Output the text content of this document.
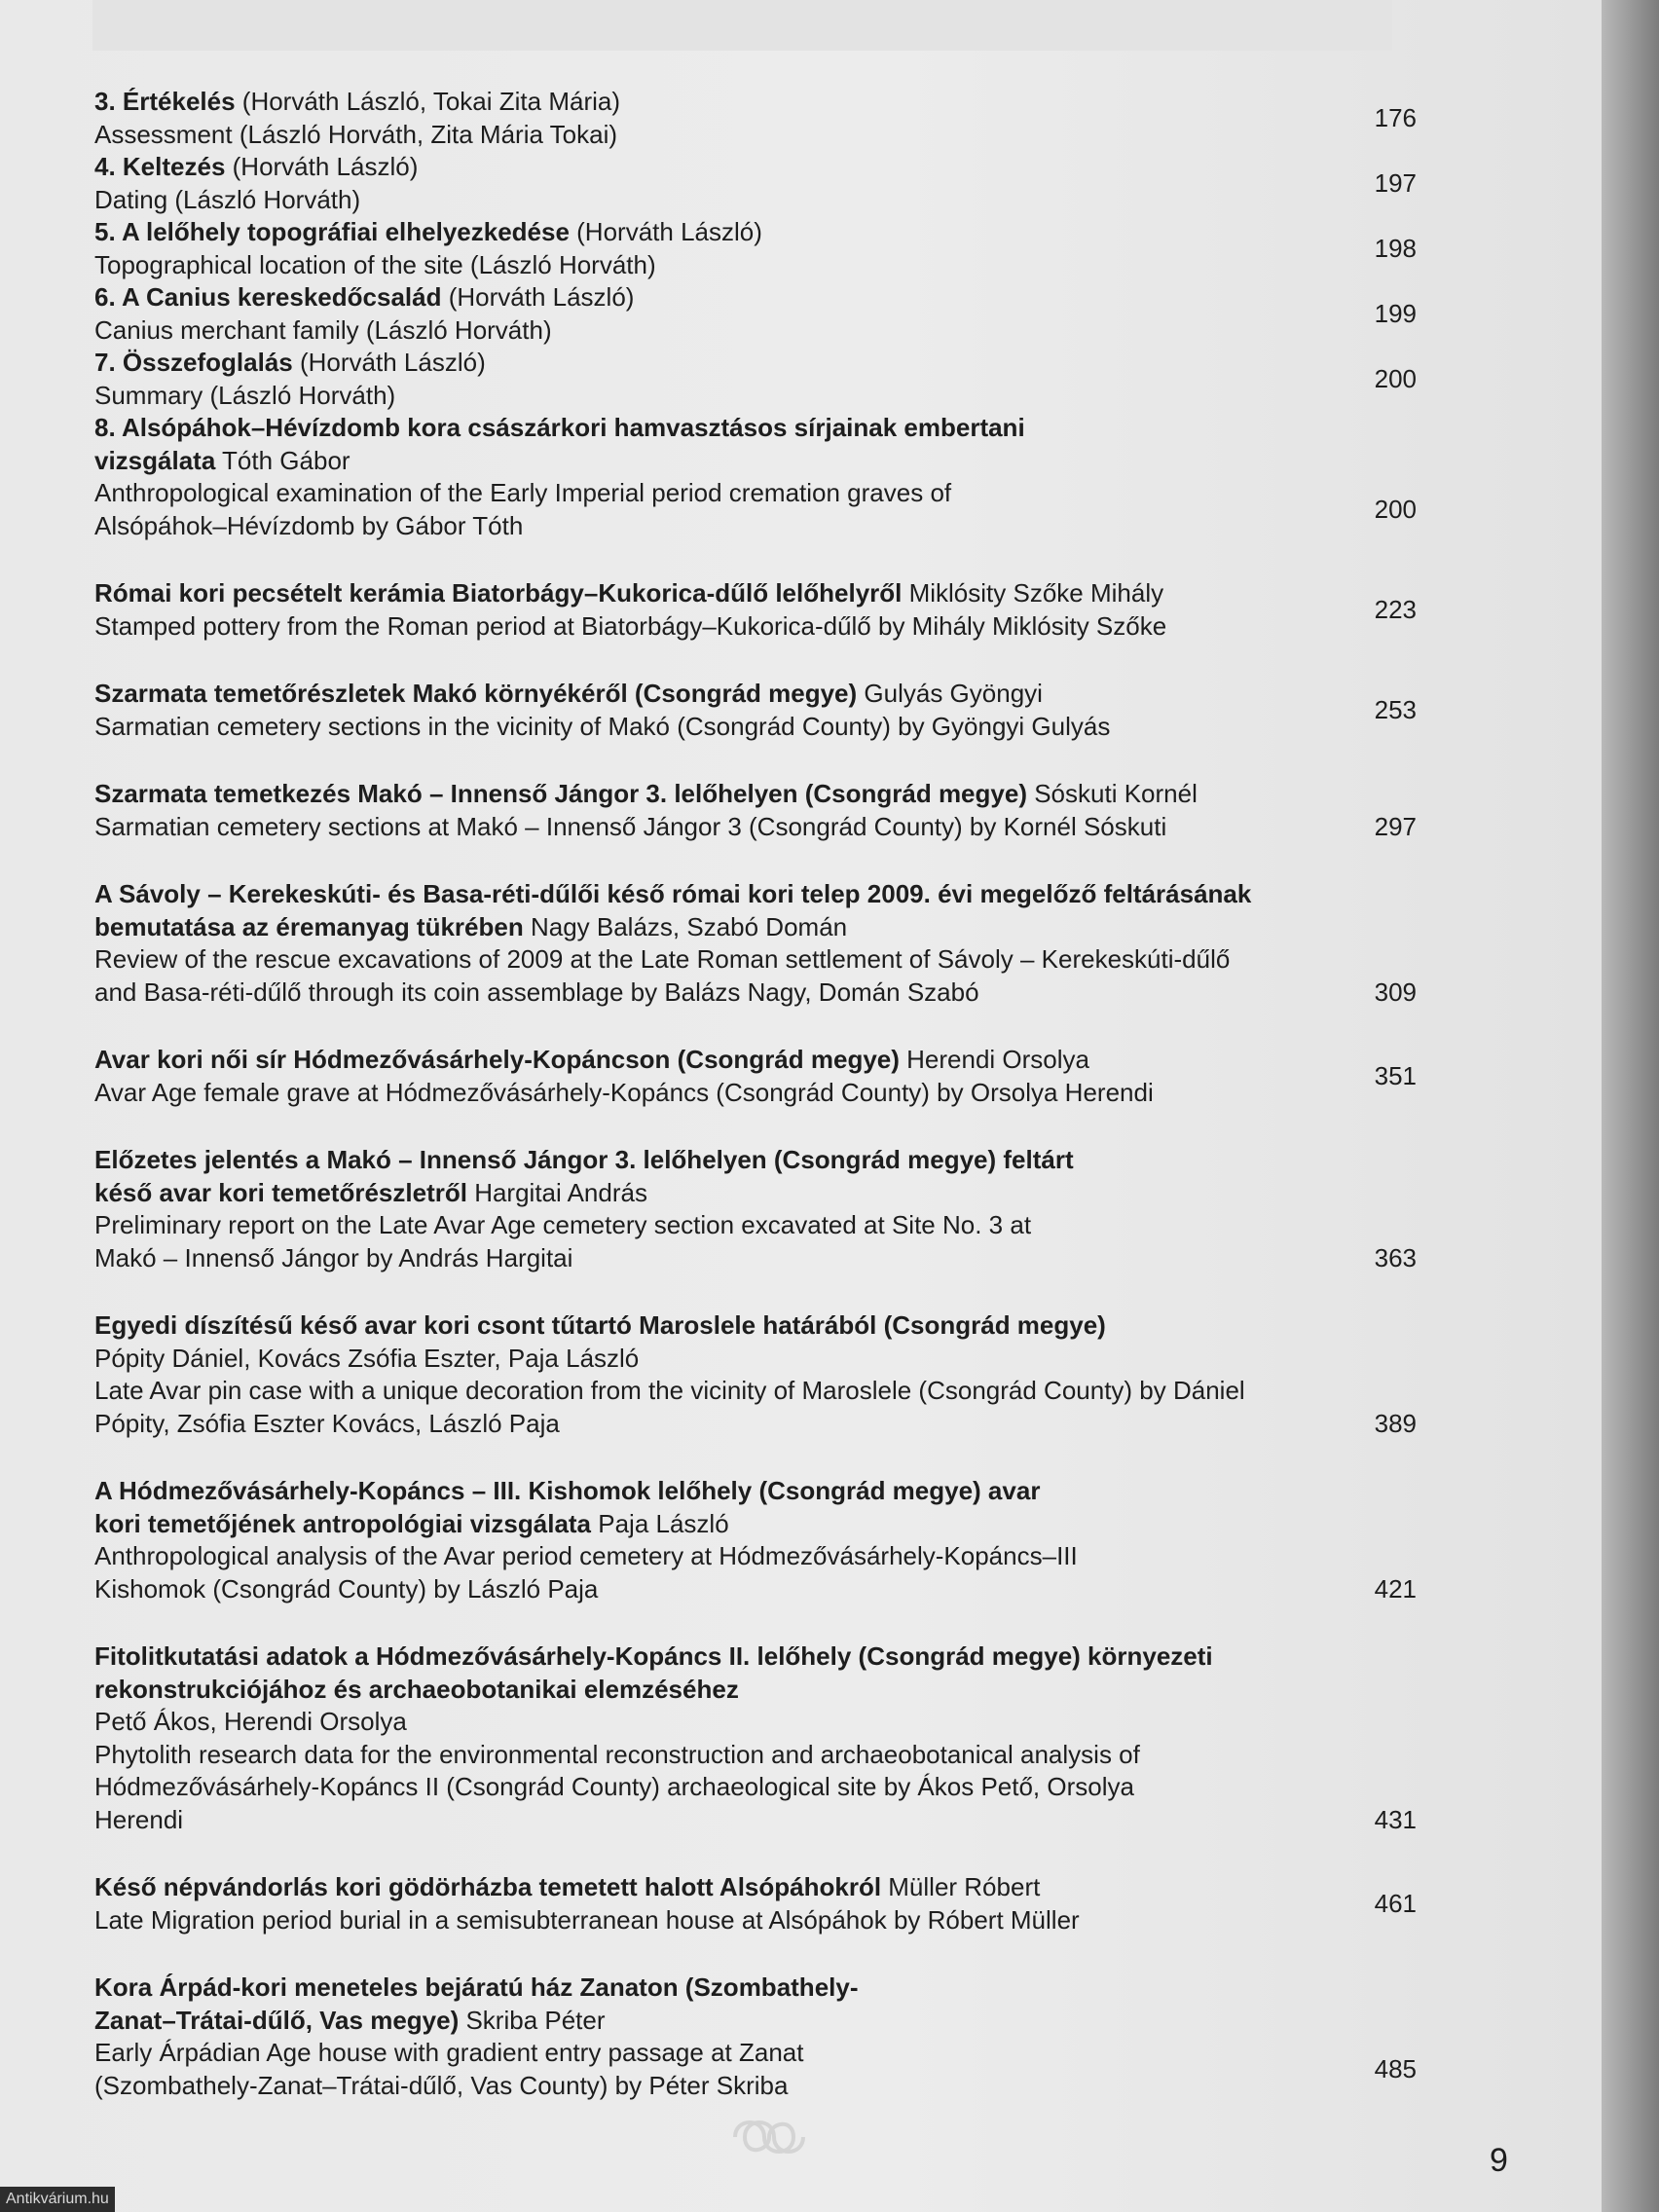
3. Értékelés (Horváth László, Tokai Zita Mária)
Assessment (László Horváth, Zita Mária Tokai)
176
4. Keltezés (Horváth László)
Dating (László Horváth)
197
5. A lelőhely topográfiai elhelyezkedése (Horváth László)
Topographical location of the site (László Horváth)
198
6. A Canius kereskedőcsalád (Horváth László)
Canius merchant family (László Horváth)
199
7. Összefoglalás (Horváth László)
Summary (László Horváth)
200
8. Alsópáhok–Hévízdomb kora császárkori hamvasztásos sírjainak embertani vizsgálata Tóth Gábor
Anthropological examination of the Early Imperial period cremation graves of Alsópáhok–Hévízdomb by Gábor Tóth
200
Római kori pecsételt kerámia Biatorbágy–Kukorica-dűlő lelőhelyről Miklósity Szőke Mihály
Stamped pottery from the Roman period at Biatorbágy–Kukorica-dűlő by Mihály Miklósity Szőke
223
Szarmata temetőrészletek Makó környékéről (Csongrád megye) Gulyás Gyöngyi
Sarmatian cemetery sections in the vicinity of Makó (Csongrád County) by Gyöngyi Gulyás
253
Szarmata temetkezés Makó – Innenső Jángor 3. lelőhelyen (Csongrád megye) Sóskuti Kornél
Sarmatian cemetery sections at Makó – Innenső Jángor 3 (Csongrád County) by Kornél Sóskuti	297
A Sávoly – Kerekeskúti- és Basa-réti-dűlői késő római kori telep 2009. évi megelőző feltárásának bemutatása az éremanyag tükrében Nagy Balázs, Szabó Domán
Review of the rescue excavations of 2009 at the Late Roman settlement of Sávoly – Kerekeskúti-dűlő and Basa-réti-dűlő through its coin assemblage by Balázs Nagy, Domán Szabó	309
Avar kori női sír Hódmezővásárhely-Kopáncson (Csongrád megye) Herendi Orsolya
Avar Age female grave at Hódmezővásárhely-Kopáncs (Csongrád County) by Orsolya Herendi
351
Előzetes jelentés a Makó – Innenső Jángor 3. lelőhelyen (Csongrád megye) feltárt késő avar kori temetőrészletről Hargitai András
Preliminary report on the Late Avar Age cemetery section excavated at Site No. 3 at Makó – Innenső Jángor by András Hargitai	363
Egyedi díszítésű késő avar kori csont tűtartó Maroslele határából (Csongrád megye)
Pópity Dániel, Kovács Zsófia Eszter, Paja László
Late Avar pin case with a unique decoration from the vicinity of Maroslele (Csongrád County) by Dániel Pópity, Zsófia Eszter Kovács, László Paja	389
A Hódmezővásárhely-Kopáncs – III. Kishomok lelőhely (Csongrád megye) avar kori temetőjének antropológiai vizsgálata Paja László
Anthropological analysis of the Avar period cemetery at Hódmezővásárhely-Kopáncs–III Kishomok (Csongrád County) by László Paja	421
Fitolitkutatási adatok a Hódmezővásárhely-Kopáncs II. lelőhely (Csongrád megye) környezeti rekonstrukciójához és archaeobotanikai elemzéséhez
Pető Ákos, Herendi Orsolya
Phytolith research data for the environmental reconstruction and archaeobotanical analysis of Hódmezővásárhely-Kopáncs II (Csongrád County) archaeological site by Ákos Pető, Orsolya Herendi	431
Késő népvándorlás kori gödörházba temetett halott Alsópáhokról Müller Róbert
Late Migration period burial in a semisubterranean house at Alsópáhok by Róbert Müller
461
Kora Árpád-kori meneteles bejáratú ház Zanaton (Szombathely-Zanat–Trátai-dűlő, Vas megye) Skriba Péter
Early Árpádian Age house with gradient entry passage at Zanat (Szombathely-Zanat–Trátai-dűlő, Vas County) by Péter Skriba
485
9
Antikvárium.hu
